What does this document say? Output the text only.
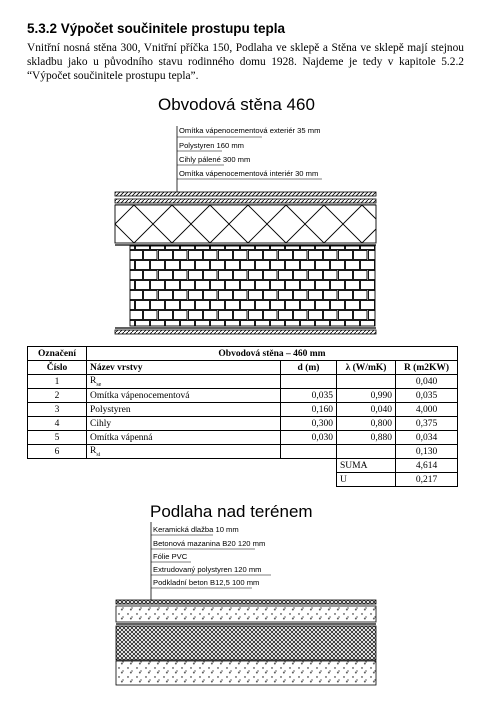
5.3.2 Výpočet součinitele prostupu tepla
Vnitřní nosná stěna 300, Vnitřní příčka 150, Podlaha ve sklepě a Stěna ve sklepě mají stejnou skladbu jako u původního stavu rodinného domu 1928. Najdeme je tedy v kapitole 5.2.2 “Výpočet součinitele prostupu tepla”.
Obvodová stěna 460
Omítka vápenocementová exteriér 35 mm
Polystyren 160 mm
Cihly pálené 300 mm
Omítka vápenocementová interiér 30 mm
Označení	Obvodová stěna – 460 mm			
Číslo	Název vrstvy	d (m)	λ (W/mK)	R (m2KW)
1	$R_{se}$			0,040
2	Omítka vápenocementová	0,035	0,990	0,035
3	Polystyren	0,160	0,040	4,000
4	Cihly	0,300	0,800	0,375
5	Omítka vápenná	0,030	0,880	0,034
6	$R_{si}$			0,130
			SUMA	4,614
			U	0,217
Podlaha nad terénem
Keramická dlažba 10 mm
Betonová mazanina B20 120 mm
Fólie PVC
Extrudovaný polystyren 120 mm
Podkladní beton B12,5 100 mm
